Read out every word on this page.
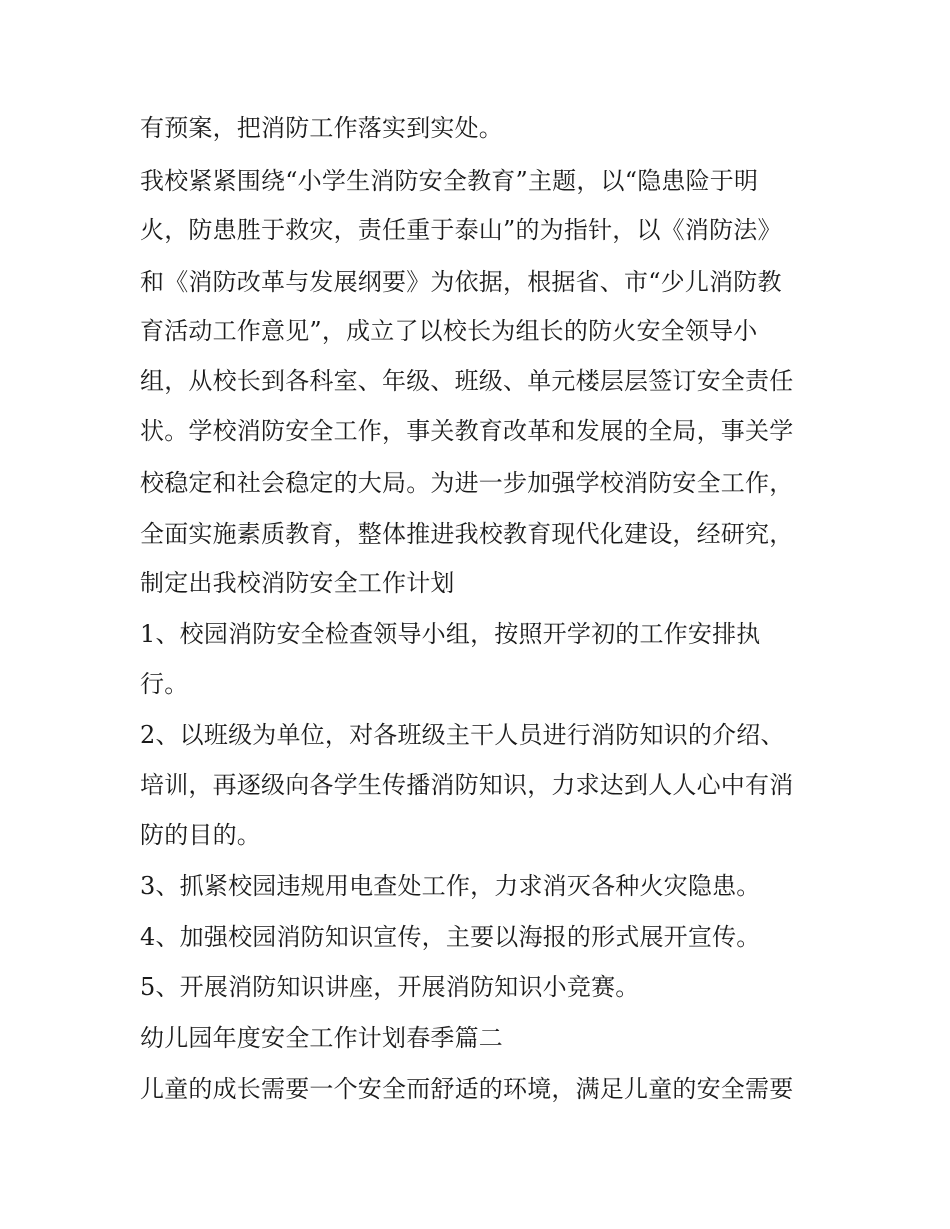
有预案，把消防工作落实到实处。
我校紧紧围绕“小学生消防安全教育”主题，以“隐患险于明
火，防患胜于救灾，责任重于泰山”的为指针，以《消防法》
和《消防改革与发展纲要》为依据，根据省、市“少儿消防教
育活动工作意见”，成立了以校长为组长的防火安全领导小
组，从校长到各科室、年级、班级、单元楼层层签订安全责任
状。学校消防安全工作，事关教育改革和发展的全局，事关学
校稳定和社会稳定的大局。为进一步加强学校消防安全工作，
全面实施素质教育，整体推进我校教育现代化建设，经研究，
制定出我校消防安全工作计划
1、校园消防安全检查领导小组，按照开学初的工作安排执
行。
2、以班级为单位，对各班级主干人员进行消防知识的介绍、
培训，再逐级向各学生传播消防知识，力求达到人人心中有消
防的目的。
3、抓紧校园违规用电查处工作，力求消灭各种火灾隐患。
4、加强校园消防知识宣传，主要以海报的形式展开宣传。
5、开展消防知识讲座，开展消防知识小竞赛。
幼儿园年度安全工作计划春季篇二
儿童的成长需要一个安全而舒适的环境，满足儿童的安全需要
